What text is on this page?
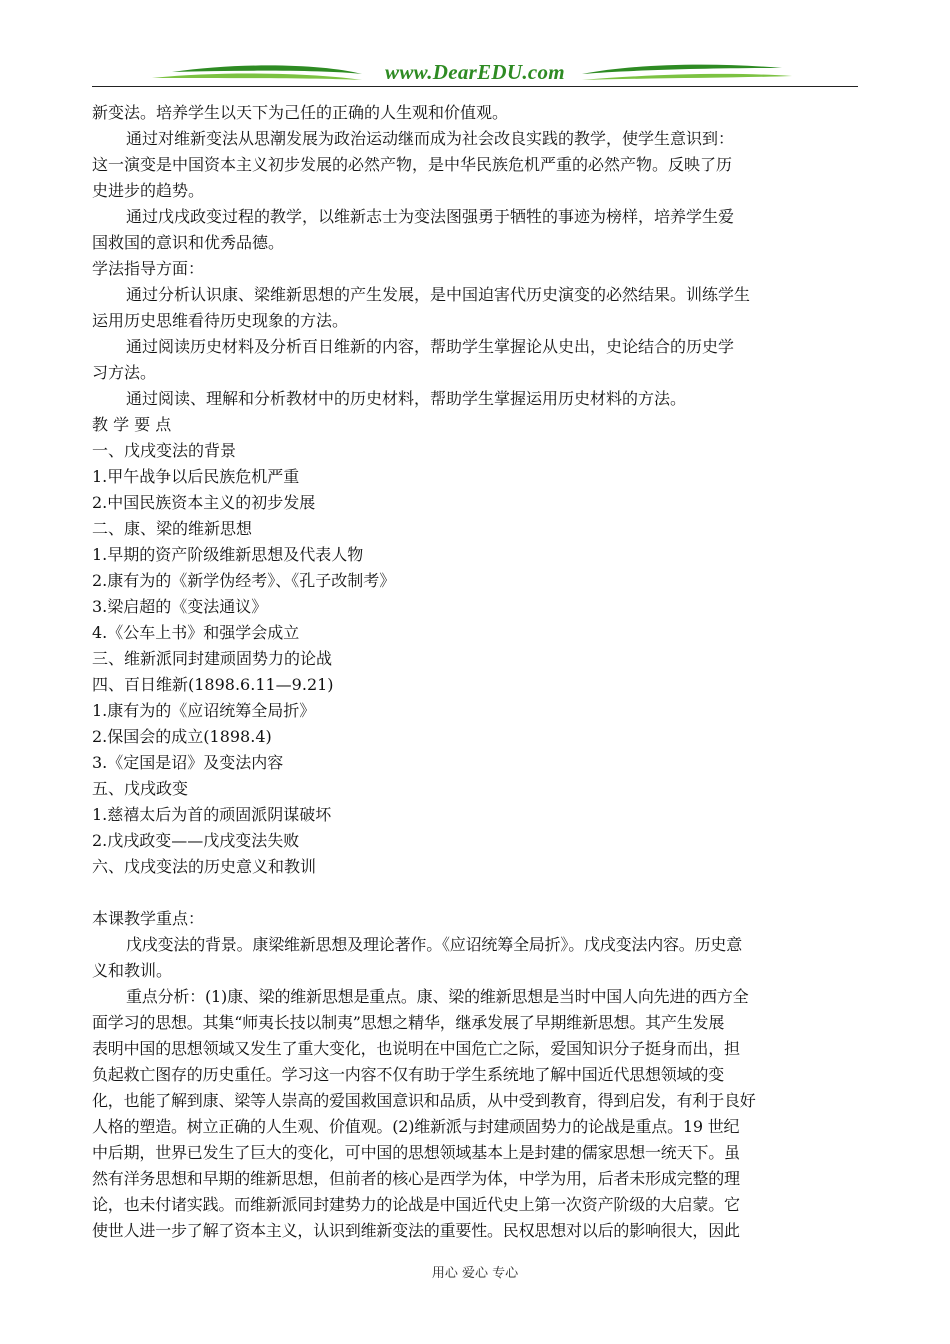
www.DearEDU.com
新变法。培养学生以天下为己任的正确的人生观和价值观。
通过对维新变法从思潮发展为政治运动继而成为社会改良实践的教学，使学生意识到：
这一演变是中国资本主义初步发展的必然产物，是中华民族危机严重的必然产物。反映了历
史进步的趋势。
通过戊戌政变过程的教学，以维新志士为变法图强勇于牺牲的事迹为榜样，培养学生爱
国救国的意识和优秀品德。
学法指导方面：
通过分析认识康、梁维新思想的产生发展，是中国迫害代历史演变的必然结果。训练学生
运用历史思维看待历史现象的方法。
通过阅读历史材料及分析百日维新的内容，帮助学生掌握论从史出，史论结合的历史学
习方法。
通过阅读、理解和分析教材中的历史材料，帮助学生掌握运用历史材料的方法。
教 学 要 点
一、戊戌变法的背景
1.甲午战争以后民族危机严重
2.中国民族资本主义的初步发展
二、康、梁的维新思想
1.早期的资产阶级维新思想及代表人物
2.康有为的《新学伪经考》、《孔子改制考》
3.梁启超的《变法通议》
4.《公车上书》和强学会成立
三、维新派同封建顽固势力的论战
四、百日维新(1898.6.11—9.21)
1.康有为的《应诏统筹全局折》
2.保国会的成立(1898.4)
3.《定国是诏》及变法内容
五、戊戌政变
1.慈禧太后为首的顽固派阴谋破坏
2.戊戌政变——戊戌变法失败
六、戊戌变法的历史意义和教训
本课教学重点：
戊戌变法的背景。康梁维新思想及理论著作。《应诏统筹全局折》。戊戌变法内容。历史意
义和教训。
重点分析：(1)康、梁的维新思想是重点。康、梁的维新思想是当时中国人向先进的西方全
面学习的思想。其集“师夷长技以制夷”思想之精华，继承发展了早期维新思想。其产生发展
表明中国的思想领域又发生了重大变化，也说明在中国危亡之际，爱国知识分子挺身而出，担
负起救亡图存的历史重任。学习这一内容不仅有助于学生系统地了解中国近代思想领域的变
化，也能了解到康、梁等人崇高的爱国救国意识和品质，从中受到教育，得到启发，有利于良好
人格的塑造。树立正确的人生观、价值观。(2)维新派与封建顽固势力的论战是重点。19 世纪
中后期，世界已发生了巨大的变化，可中国的思想领域基本上是封建的儒家思想一统天下。虽
然有洋务思想和早期的维新思想，但前者的核心是西学为体，中学为用，后者未形成完整的理
论，也未付诸实践。而维新派同封建势力的论战是中国近代史上第一次资产阶级的大启蒙。它
使世人进一步了解了资本主义，认识到维新变法的重要性。民权思想对以后的影响很大，因此
用心 爱心 专心
